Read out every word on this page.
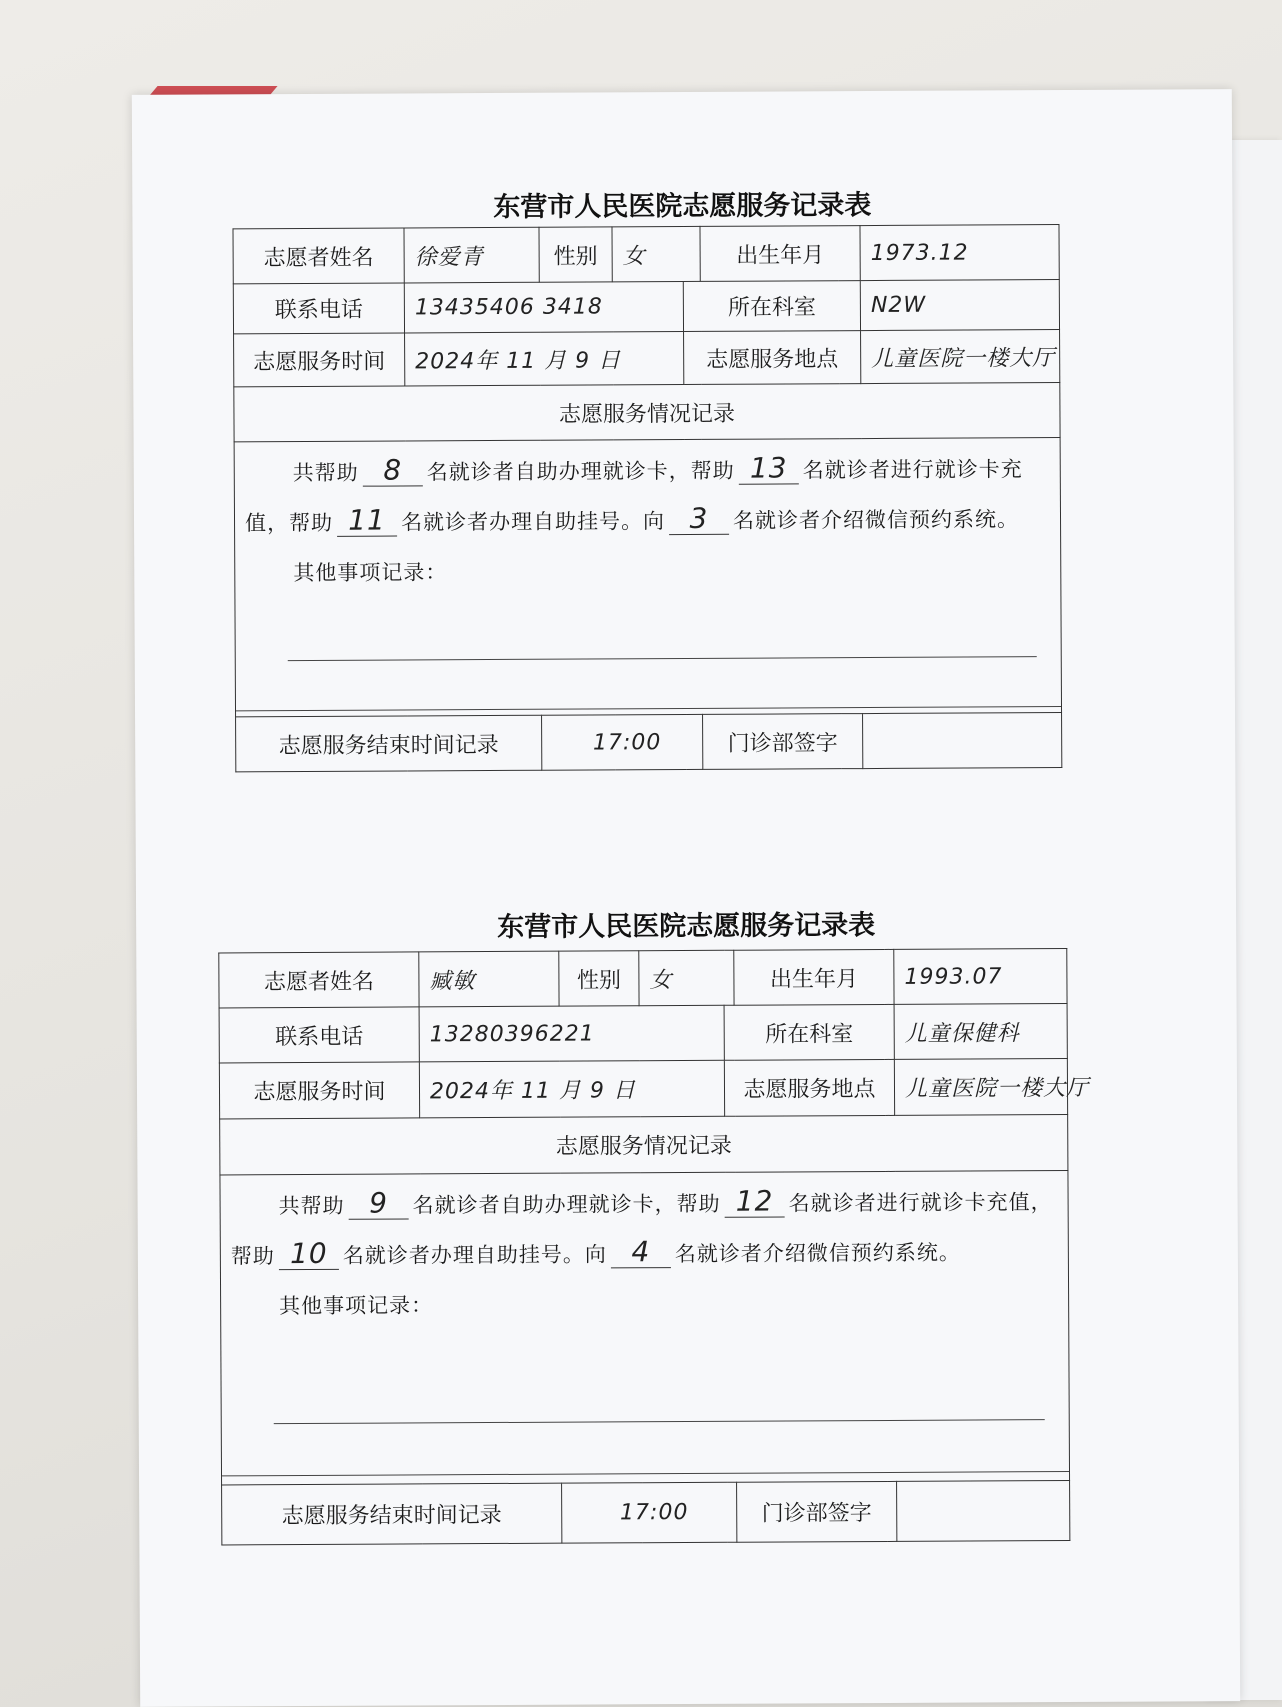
东营市人民医院志愿服务记录表
志愿者姓名	徐爱青	性别	女		出生年月	1973.12
联系电话	13435406 3418			所在科室		N2W
志愿服务时间	2024年 11 月 9 日			志愿服务地点		儿童医院一楼大厅
志愿服务情况记录						

共帮助 8 名就诊者自助办理就诊卡，帮助 13 名就诊者进行就诊卡充值，帮助 11 名就诊者办理自助挂号。向 3 名就诊者介绍微信预约系统。
其他事项记录：						

志愿服务结束时间记录		17:00			门诊部签字	
东营市人民医院志愿服务记录表
志愿者姓名	臧敏	性别	女		出生年月	1993.07
联系电话	13280396221			所在科室		儿童保健科
志愿服务时间	2024年 11 月 9 日			志愿服务地点		儿童医院一楼大厅
志愿服务情况记录						

共帮助 9 名就诊者自助办理就诊卡，帮助 12 名就诊者进行就诊卡充值，帮助 10 名就诊者办理自助挂号。向 4 名就诊者介绍微信预约系统。
其他事项记录：						

志愿服务结束时间记录		17:00			门诊部签字	
